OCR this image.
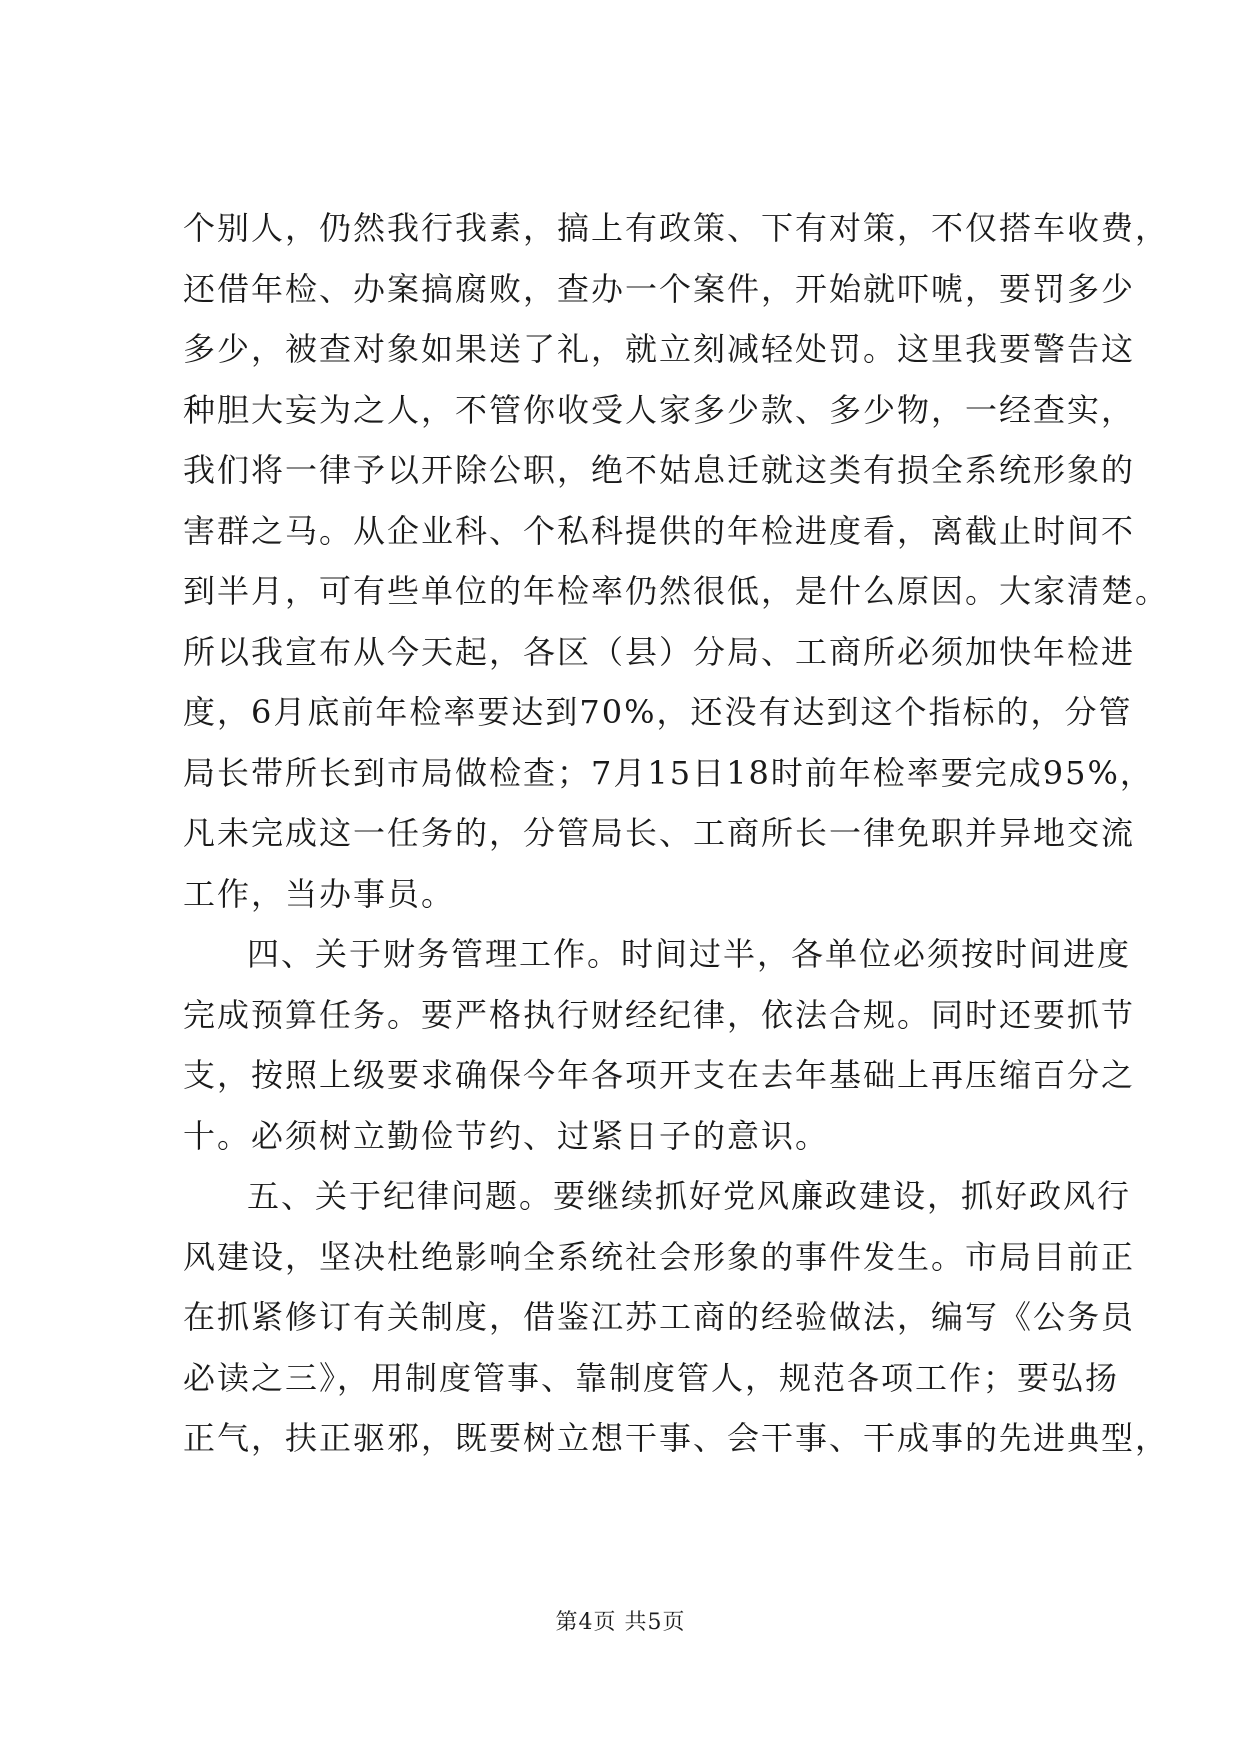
个别人，仍然我行我素，搞上有政策、下有对策，不仅搭车收费，
还借年检、办案搞腐败，查办一个案件，开始就吓唬，要罚多少
多少，被查对象如果送了礼，就立刻减轻处罚。这里我要警告这
种胆大妄为之人，不管你收受人家多少款、多少物，一经查实，
我们将一律予以开除公职，绝不姑息迁就这类有损全系统形象的
害群之马。从企业科、个私科提供的年检进度看，离截止时间不
到半月，可有些单位的年检率仍然很低，是什么原因。大家清楚。
所以我宣布从今天起，各区（县）分局、工商所必须加快年检进
度，6月底前年检率要达到70%，还没有达到这个指标的，分管
局长带所长到市局做检查；7月15日18时前年检率要完成95%，
凡未完成这一任务的，分管局长、工商所长一律免职并异地交流
工作，当办事员。
四、关于财务管理工作。时间过半，各单位必须按时间进度
完成预算任务。要严格执行财经纪律，依法合规。同时还要抓节
支，按照上级要求确保今年各项开支在去年基础上再压缩百分之
十。必须树立勤俭节约、过紧日子的意识。
五、关于纪律问题。要继续抓好党风廉政建设，抓好政风行
风建设，坚决杜绝影响全系统社会形象的事件发生。市局目前正
在抓紧修订有关制度，借鉴江苏工商的经验做法，编写《公务员
必读之三》，用制度管事、靠制度管人，规范各项工作；要弘扬
正气，扶正驱邪，既要树立想干事、会干事、干成事的先进典型，
第4页 共5页
